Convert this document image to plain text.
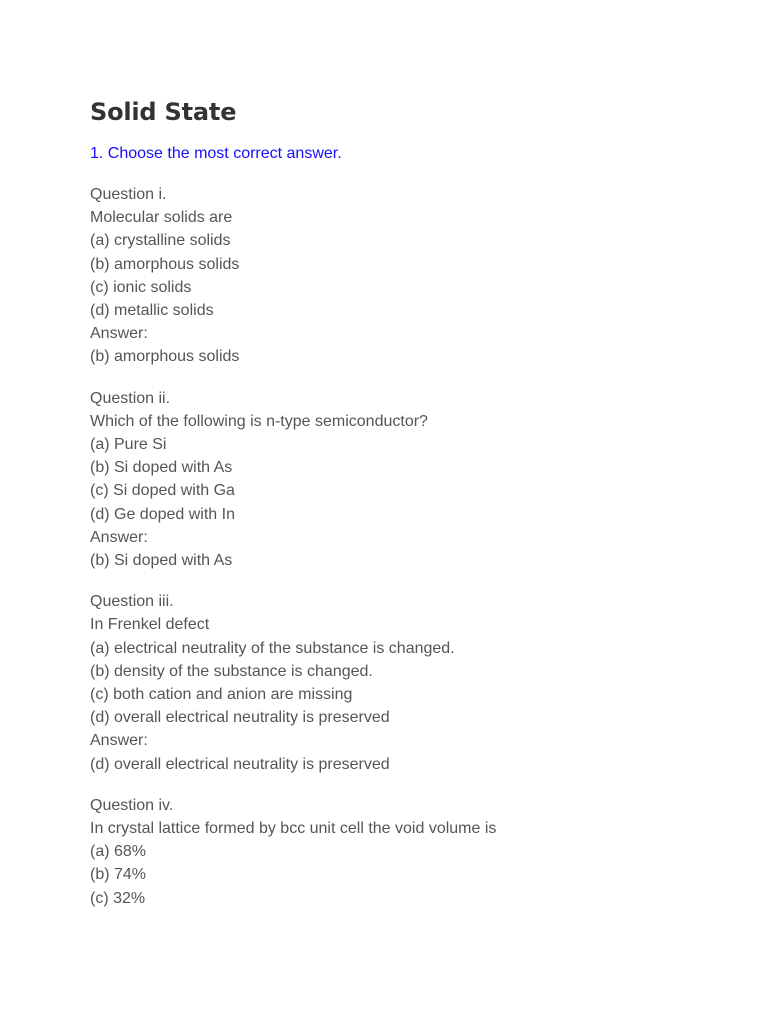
Solid State
1. Choose the most correct answer.
Question i.
Molecular solids are
(a) crystalline solids
(b) amorphous solids
(c) ionic solids
(d) metallic solids
Answer:
(b) amorphous solids
Question ii.
Which of the following is n-type semiconductor?
(a) Pure Si
(b) Si doped with As
(c) Si doped with Ga
(d) Ge doped with In
Answer:
(b) Si doped with As
Question iii.
In Frenkel defect
(a) electrical neutrality of the substance is changed.
(b) density of the substance is changed.
(c) both cation and anion are missing
(d) overall electrical neutrality is preserved
Answer:
(d) overall electrical neutrality is preserved
Question iv.
In crystal lattice formed by bcc unit cell the void volume is
(a) 68%
(b) 74%
(c) 32%
